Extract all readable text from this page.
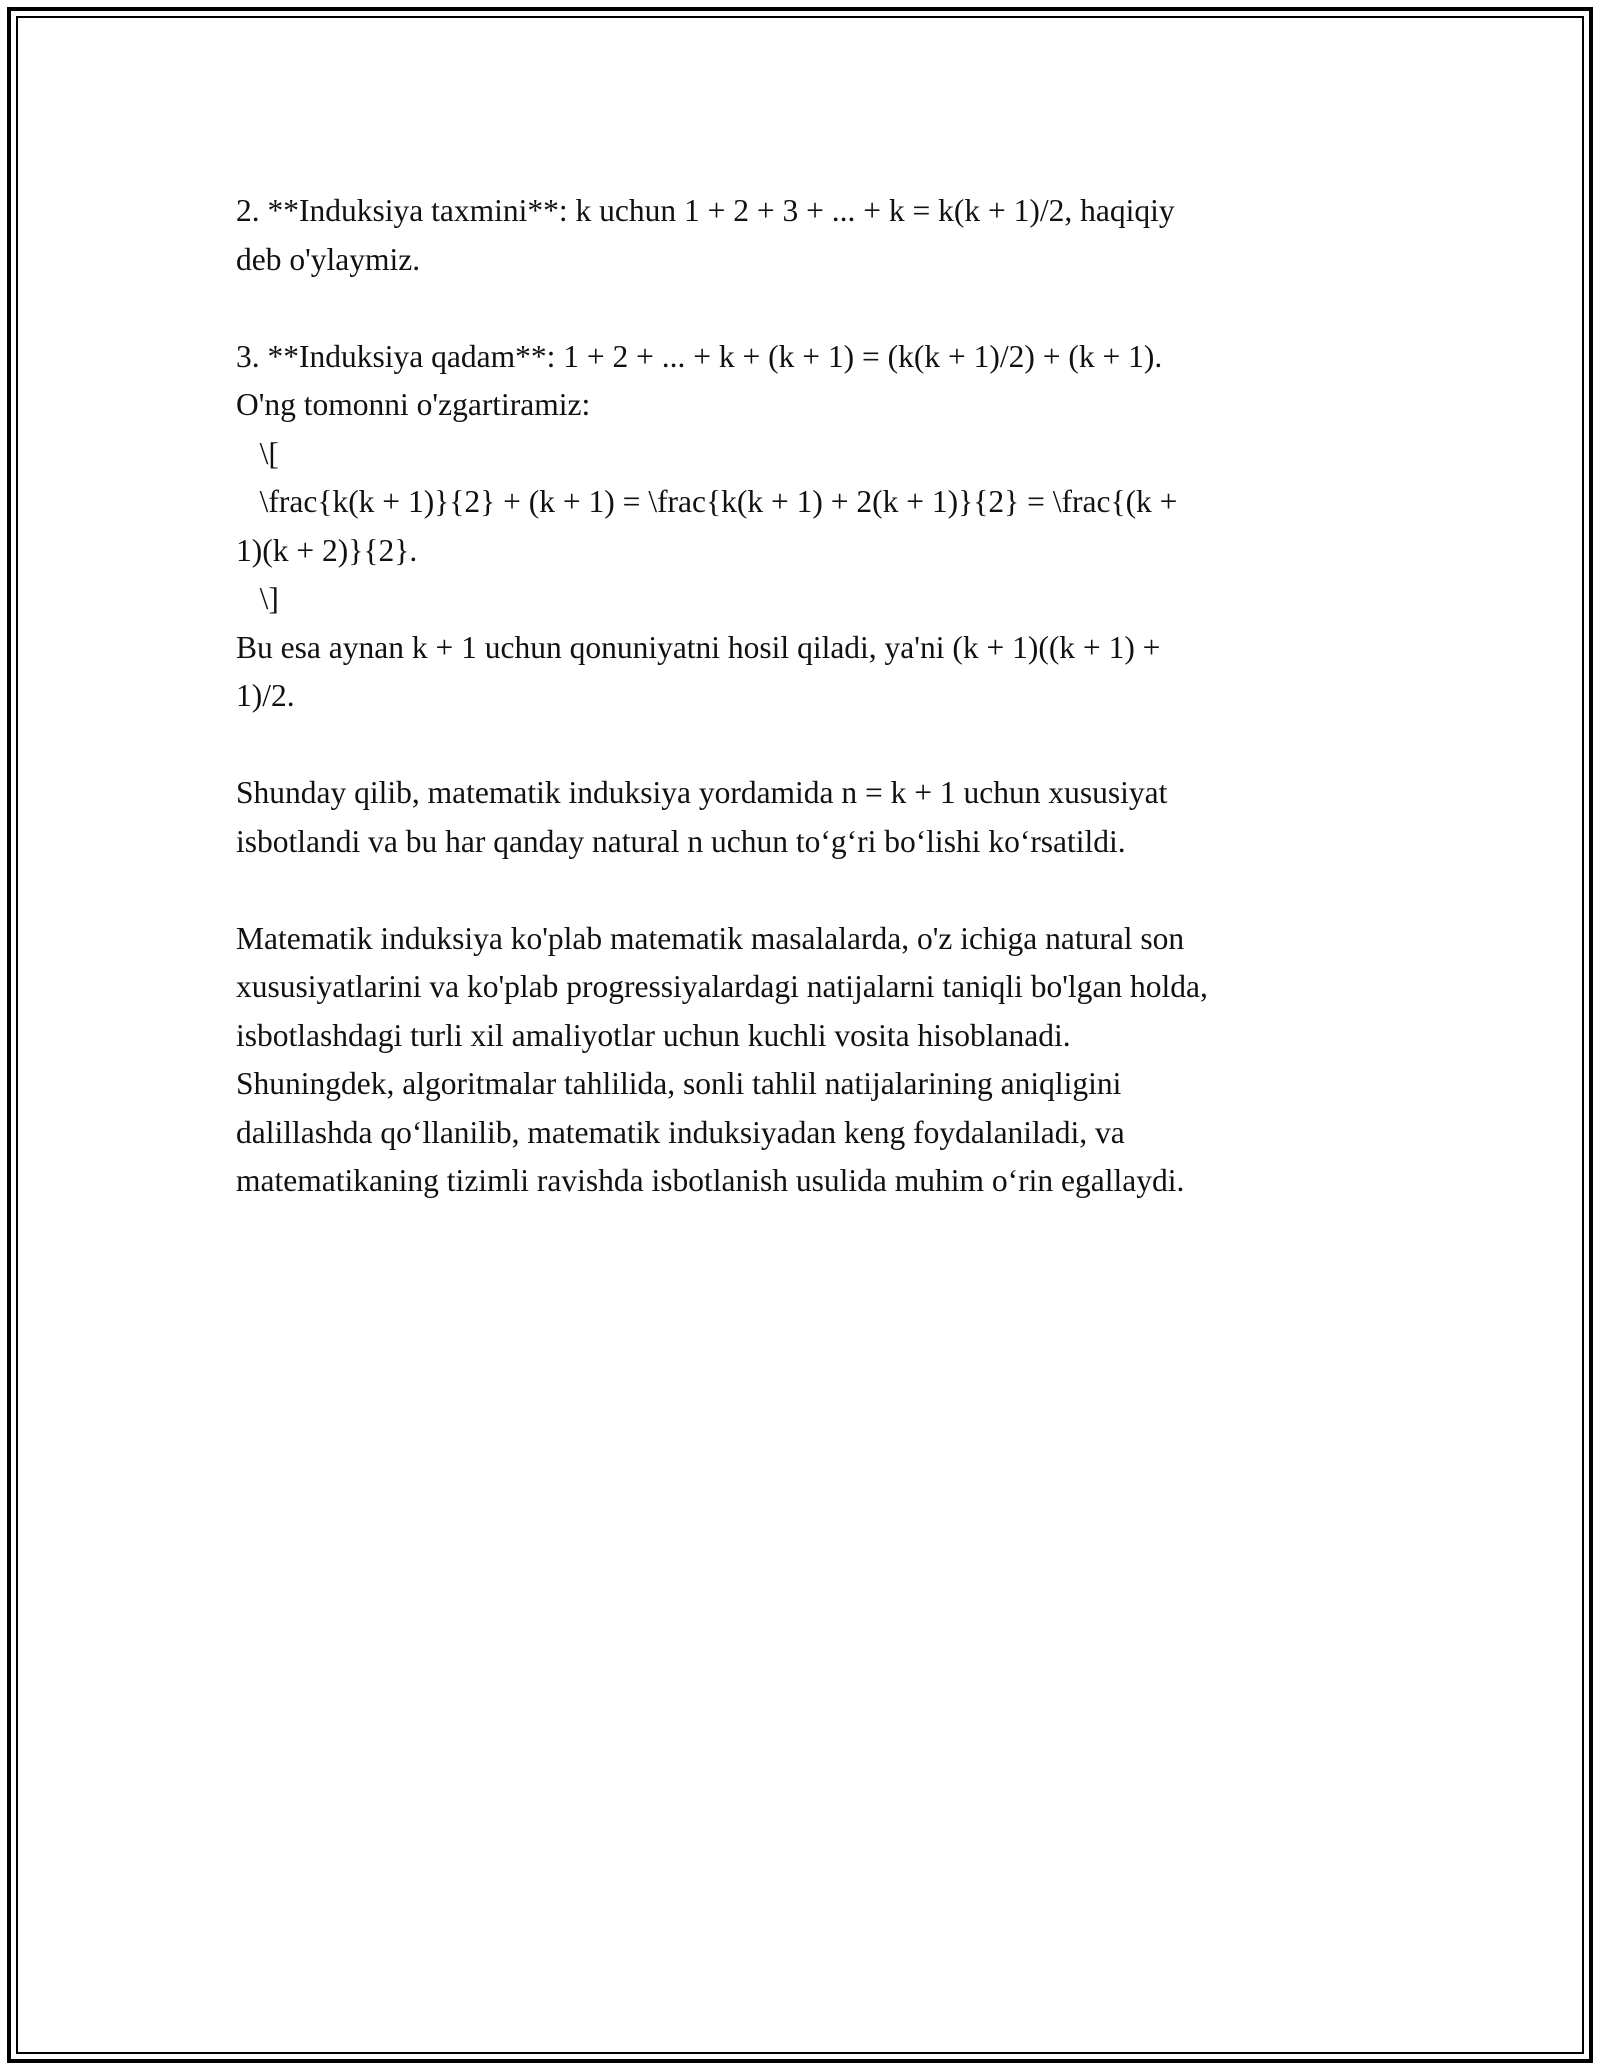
2. **Induksiya taxmini**: k uchun 1 + 2 + 3 + ... + k = k(k + 1)/2, haqiqiy
deb o'ylaymiz.
3. **Induksiya qadam**: 1 + 2 + ... + k + (k + 1) = (k(k + 1)/2) + (k + 1).
O'ng tomonni o'zgartiramiz:
\[
\frac{k(k + 1)}{2} + (k + 1) = \frac{k(k + 1) + 2(k + 1)}{2} = \frac{(k +
1)(k + 2)}{2}.
\]
Bu esa aynan k + 1 uchun qonuniyatni hosil qiladi, ya'ni (k + 1)((k + 1) +
1)/2.
Shunday qilib, matematik induksiya yordamida n = k + 1 uchun xususiyat
isbotlandi va bu har qanday natural n uchun to‘g‘ri bo‘lishi ko‘rsatildi.
Matematik induksiya ko'plab matematik masalalarda, o'z ichiga natural son
xususiyatlarini va ko'plab progressiyalardagi natijalarni taniqli bo'lgan holda,
isbotlashdagi turli xil amaliyotlar uchun kuchli vosita hisoblanadi.
Shuningdek, algoritmalar tahlilida, sonli tahlil natijalarining aniqligini
dalillashda qo‘llanilib, matematik induksiyadan keng foydalaniladi, va
matematikaning tizimli ravishda isbotlanish usulida muhim o‘rin egallaydi.
